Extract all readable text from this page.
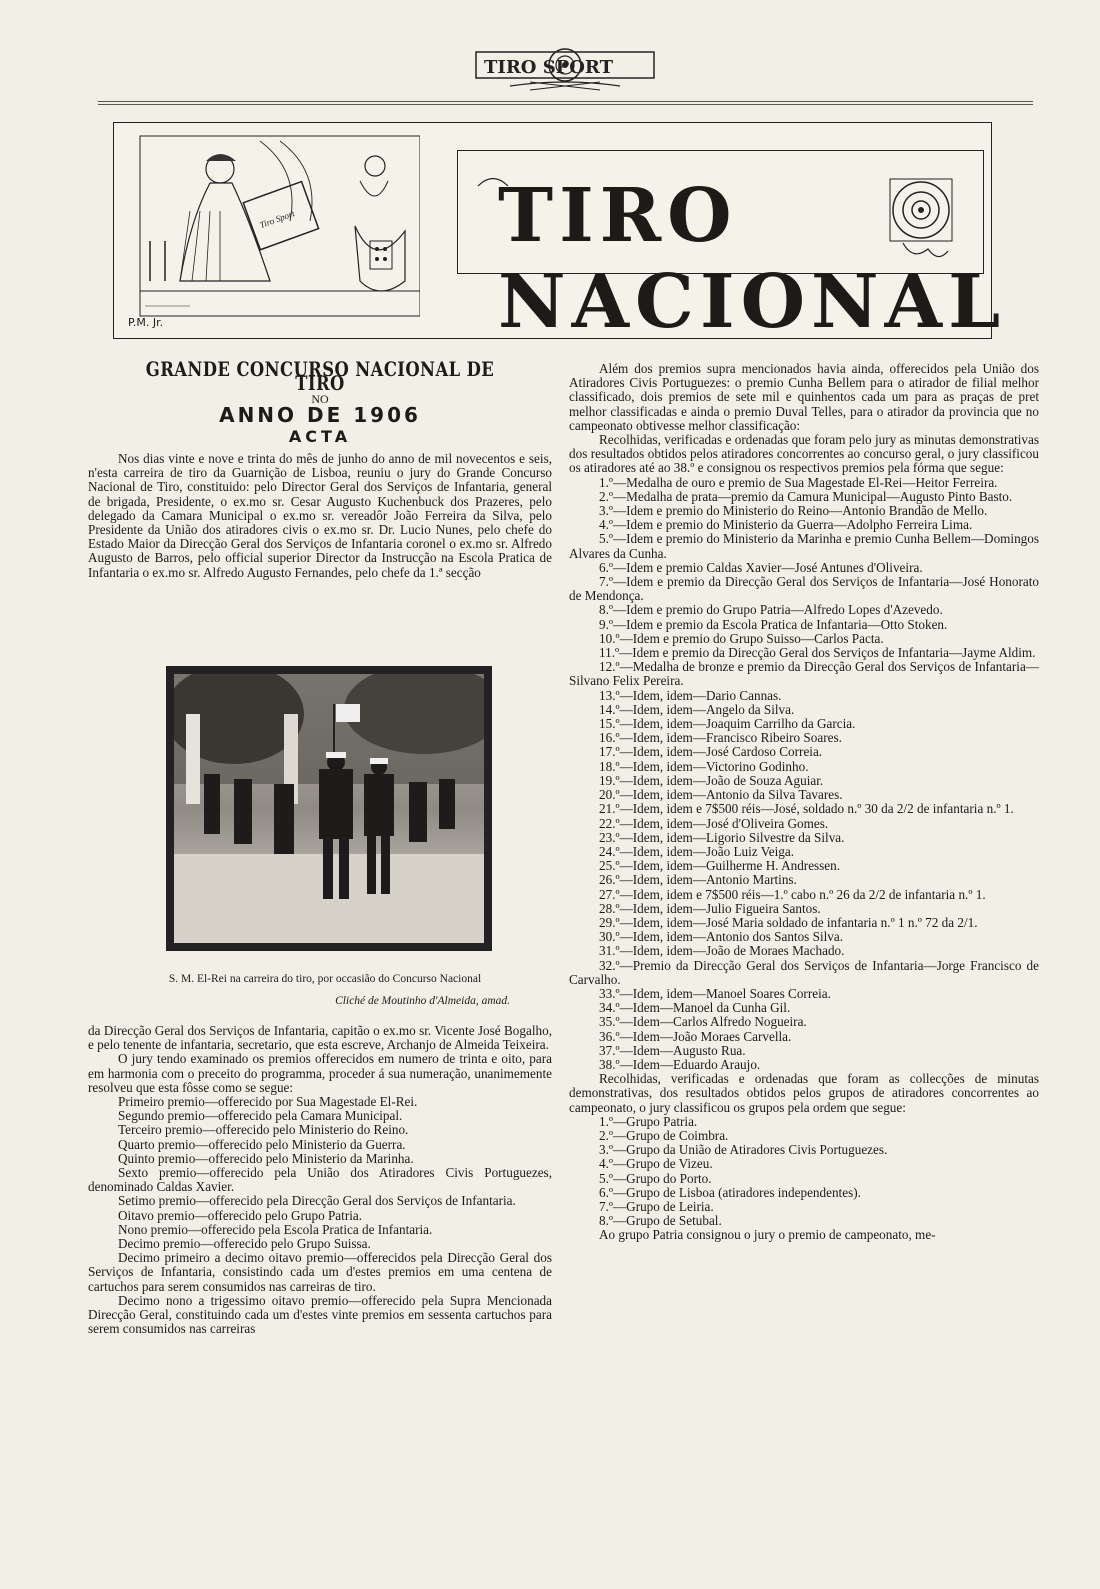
TIRO SPORT
Tiro Sport
P.M. Jr.
TIRO NACIONAL
GRANDE CONCURSO NACIONAL DE TIRO
NO
ANNO DE 1906
ACTA

Nos dias vinte e nove e trinta do mês de junho do anno de mil novecentos e seis, n'esta carreira de tiro da Guarnição de Lisboa, reuniu o jury do Grande Concurso Nacional de Tiro, constituido: pelo Director Geral dos Serviços de Infantaria, general de brigada, Presidente, o ex.mo sr. Cesar Augusto Kuchenbuck dos Prazeres, pelo delegado da Camara Municipal o ex.mo sr. vereadôr João Ferreira da Silva, pelo Presidente da União dos atiradores civis o ex.mo sr. Dr. Lucio Nunes, pelo chefe do Estado Maior da Direcção Geral dos Serviços de Infantaria coronel o ex.mo sr. Alfredo Augusto de Barros, pelo official superior Director da Instrucção na Escola Pratica de Infantaria o ex.mo sr. Alfredo Augusto Fernandes, pelo chefe da 1.ª secção

S. M. El-Rei na carreira do tiro, por occasião do Concurso Nacional
Cliché de Moutinho d'Almeida, amad.

da Direcção Geral dos Serviços de Infantaria, capitão o ex.mo sr. Vicente José Bogalho, e pelo tenente de infantaria, secretario, que esta escreve, Archanjo de Almeida Teixeira.

O jury tendo examinado os premios offerecidos em numero de trinta e oito, para em harmonia com o preceito do programma, proceder á sua numeração, unanimemente resolveu que esta fôsse como se segue:

Primeiro premio—offerecido por Sua Magestade El-Rei.

Segundo premio—offerecido pela Camara Municipal.

Terceiro premio—offerecido pelo Ministerio do Reino.

Quarto premio—offerecido pelo Ministerio da Guerra.

Quinto premio—offerecido pelo Ministerio da Marinha.

Sexto premio—offerecido pela União dos Atiradores Civis Portuguezes, denominado Caldas Xavier.

Setimo premio—offerecido pela Direcção Geral dos Serviços de Infantaria.

Oitavo premio—offerecido pelo Grupo Patria.

Nono premio—offerecido pela Escola Pratica de Infantaria.

Decimo premio—offerecido pelo Grupo Suissa.

Decimo primeiro a decimo oitavo premio—offerecidos pela Direcção Geral dos Serviços de Infantaria, consistindo cada um d'estes premios em uma centena de cartuchos para serem consumidos nas carreiras de tiro.

Decimo nono a trigessimo oitavo premio—offerecido pela Supra Mencionada Direcção Geral, constituindo cada um d'estes vinte premios em sessenta cartuchos para serem consumidos nas carreiras

Além dos premios supra mencionados havia ainda, offerecidos pela União dos Atiradores Civis Portuguezes: o premio Cunha Bellem para o atirador de filial melhor classificado, dois premios de sete mil e quinhentos cada um para as praças de pret melhor classificadas e ainda o premio Duval Telles, para o atirador da provincia que no campeonato obtivesse melhor classificação:

Recolhidas, verificadas e ordenadas que foram pelo jury as minutas demonstrativas dos resultados obtidos pelos atiradores concorrentes ao concurso geral, o jury classificou os atiradores até ao 38.º e consignou os respectivos premios pela fórma que segue:

1.º—Medalha de ouro e premio de Sua Magestade El-Rei—Heitor Ferreira.

2.º—Medalha de prata—premio da Camura Municipal—Augusto Pinto Basto.

3.º—Idem e premio do Ministerio do Reino—Antonio Brandão de Mello.

4.º—Idem e premio do Ministerio da Guerra—Adolpho Ferreira Lima.

5.º—Idem e premio do Ministerio da Marinha e premio Cunha Bellem—Domingos Alvares da Cunha.

6.º—Idem e premio Caldas Xavier—José Antunes d'Oliveira.

7.º—Idem e premio da Direcção Geral dos Serviços de Infantaria—José Honorato de Mendonça.

8.º—Idem e premio do Grupo Patria—Alfredo Lopes d'Azevedo.

9.º—Idem e premio da Escola Pratica de Infantaria—Otto Stoken.

10.º—Idem e premio do Grupo Suisso—Carlos Pacta.

11.º—Idem e premio da Direcção Geral dos Serviços de Infantaria—Jayme Aldim.

12.º—Medalha de bronze e premio da Direcção Geral dos Serviços de Infantaria—Silvano Felix Pereira.

13.º—Idem, idem—Dario Cannas.

14.º—Idem, idem—Angelo da Silva.

15.º—Idem, idem—Joaquim Carrilho da Garcia.

16.º—Idem, idem—Francisco Ribeiro Soares.

17.º—Idem, idem—José Cardoso Correia.

18.º—Idem, idem—Victorino Godinho.

19.º—Idem, idem—João de Souza Aguiar.

20.º—Idem, idem—Antonio da Silva Tavares.

21.º—Idem, idem e 7$500 réis—José, soldado n.º 30 da 2/2 de infantaria n.º 1.

22.º—Idem, idem—José d'Oliveira Gomes.

23.º—Idem, idem—Ligorio Silvestre da Silva.

24.º—Idem, idem—João Luiz Veiga.

25.º—Idem, idem—Guilherme H. Andressen.

26.º—Idem, idem—Antonio Martins.

27.º—Idem, idem e 7$500 réis—1.º cabo n.º 26 da 2/2 de infantaria n.º 1.

28.º—Idem, idem—Julio Figueira Santos.

29.º—Idem, idem—José Maria soldado de infantaria n.º 1 n.º 72 da 2/1.

30.º—Idem, idem—Antonio dos Santos Silva.

31.º—Idem, idem—João de Moraes Machado.

32.º—Premio da Direcção Geral dos Serviços de Infantaria—Jorge Francisco de Carvalho.

33.º—Idem, idem—Manoel Soares Correia.

34.º—Idem—Manoel da Cunha Gil.

35.º—Idem—Carlos Alfredo Nogueira.

36.º—Idem—João Moraes Carvella.

37.º—Idem—Augusto Rua.

38.º—Idem—Eduardo Araujo.

Recolhidas, verificadas e ordenadas que foram as collecções de minutas demonstrativas, dos resultados obtidos pelos grupos de atiradores concorrentes ao campeonato, o jury classificou os grupos pela ordem que segue:

1.º—Grupo Patria.

2.º—Grupo de Coimbra.

3.º—Grupo da União de Atiradores Civis Portuguezes.

4.º—Grupo de Vizeu.

5.º—Grupo do Porto.

6.º—Grupo de Lisboa (atiradores independentes).

7.º—Grupo de Leiria.

8.º—Grupo de Setubal.

Ao grupo Patria consignou o jury o premio de campeonato, me-
